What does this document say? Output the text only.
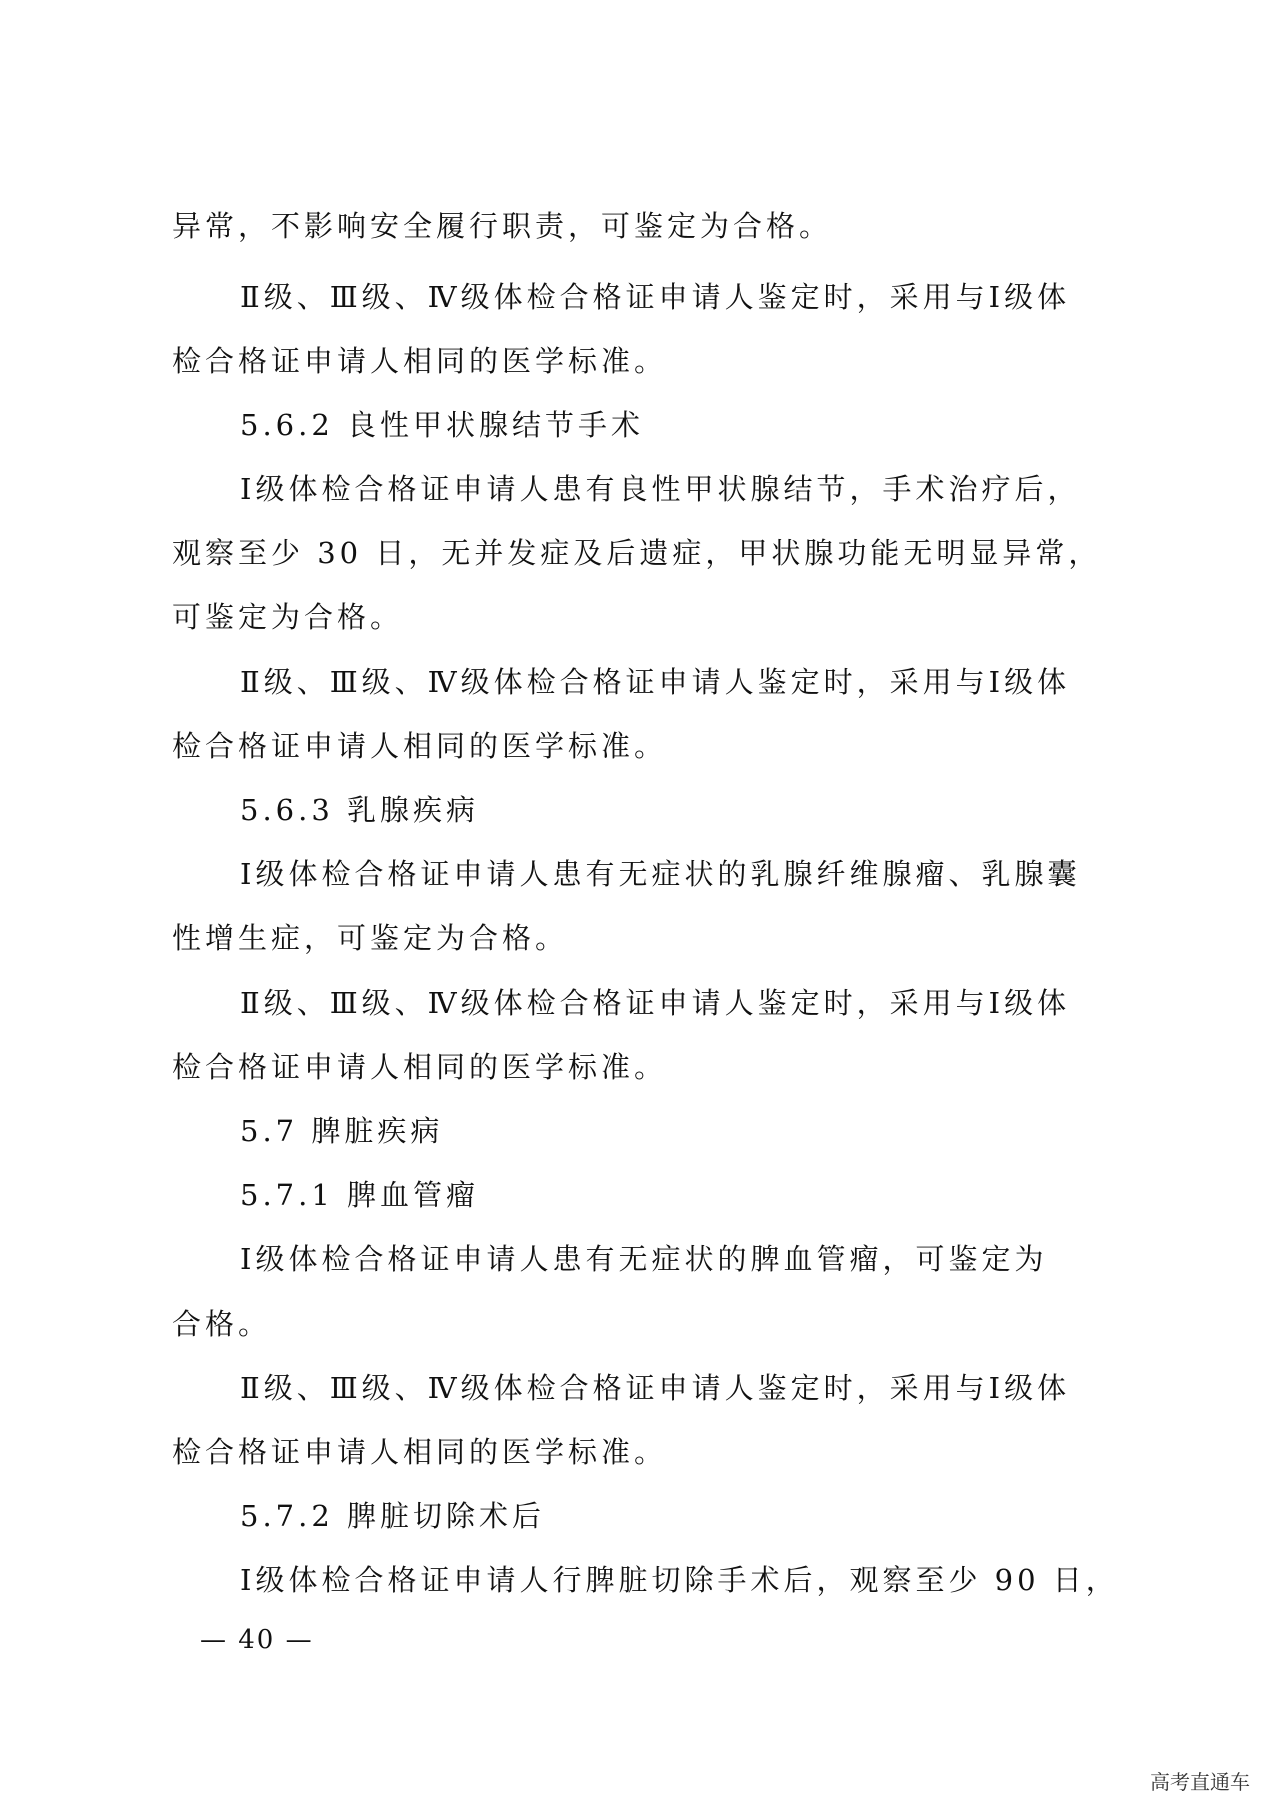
异常，不影响安全履行职责，可鉴定为合格。
Ⅱ级、Ⅲ级、Ⅳ级体检合格证申请人鉴定时，采用与Ⅰ级体
检合格证申请人相同的医学标准。
5.6.2 良性甲状腺结节手术
Ⅰ级体检合格证申请人患有良性甲状腺结节，手术治疗后，
观察至少 30 日，无并发症及后遗症，甲状腺功能无明显异常，
可鉴定为合格。
Ⅱ级、Ⅲ级、Ⅳ级体检合格证申请人鉴定时，采用与Ⅰ级体
检合格证申请人相同的医学标准。
5.6.3 乳腺疾病
Ⅰ级体检合格证申请人患有无症状的乳腺纤维腺瘤、乳腺囊
性增生症，可鉴定为合格。
Ⅱ级、Ⅲ级、Ⅳ级体检合格证申请人鉴定时，采用与Ⅰ级体
检合格证申请人相同的医学标准。
5.7 脾脏疾病
5.7.1 脾血管瘤
Ⅰ级体检合格证申请人患有无症状的脾血管瘤，可鉴定为
合格。
Ⅱ级、Ⅲ级、Ⅳ级体检合格证申请人鉴定时，采用与Ⅰ级体
检合格证申请人相同的医学标准。
5.7.2 脾脏切除术后
Ⅰ级体检合格证申请人行脾脏切除手术后，观察至少 90 日，
— 40 —
高考直通车
